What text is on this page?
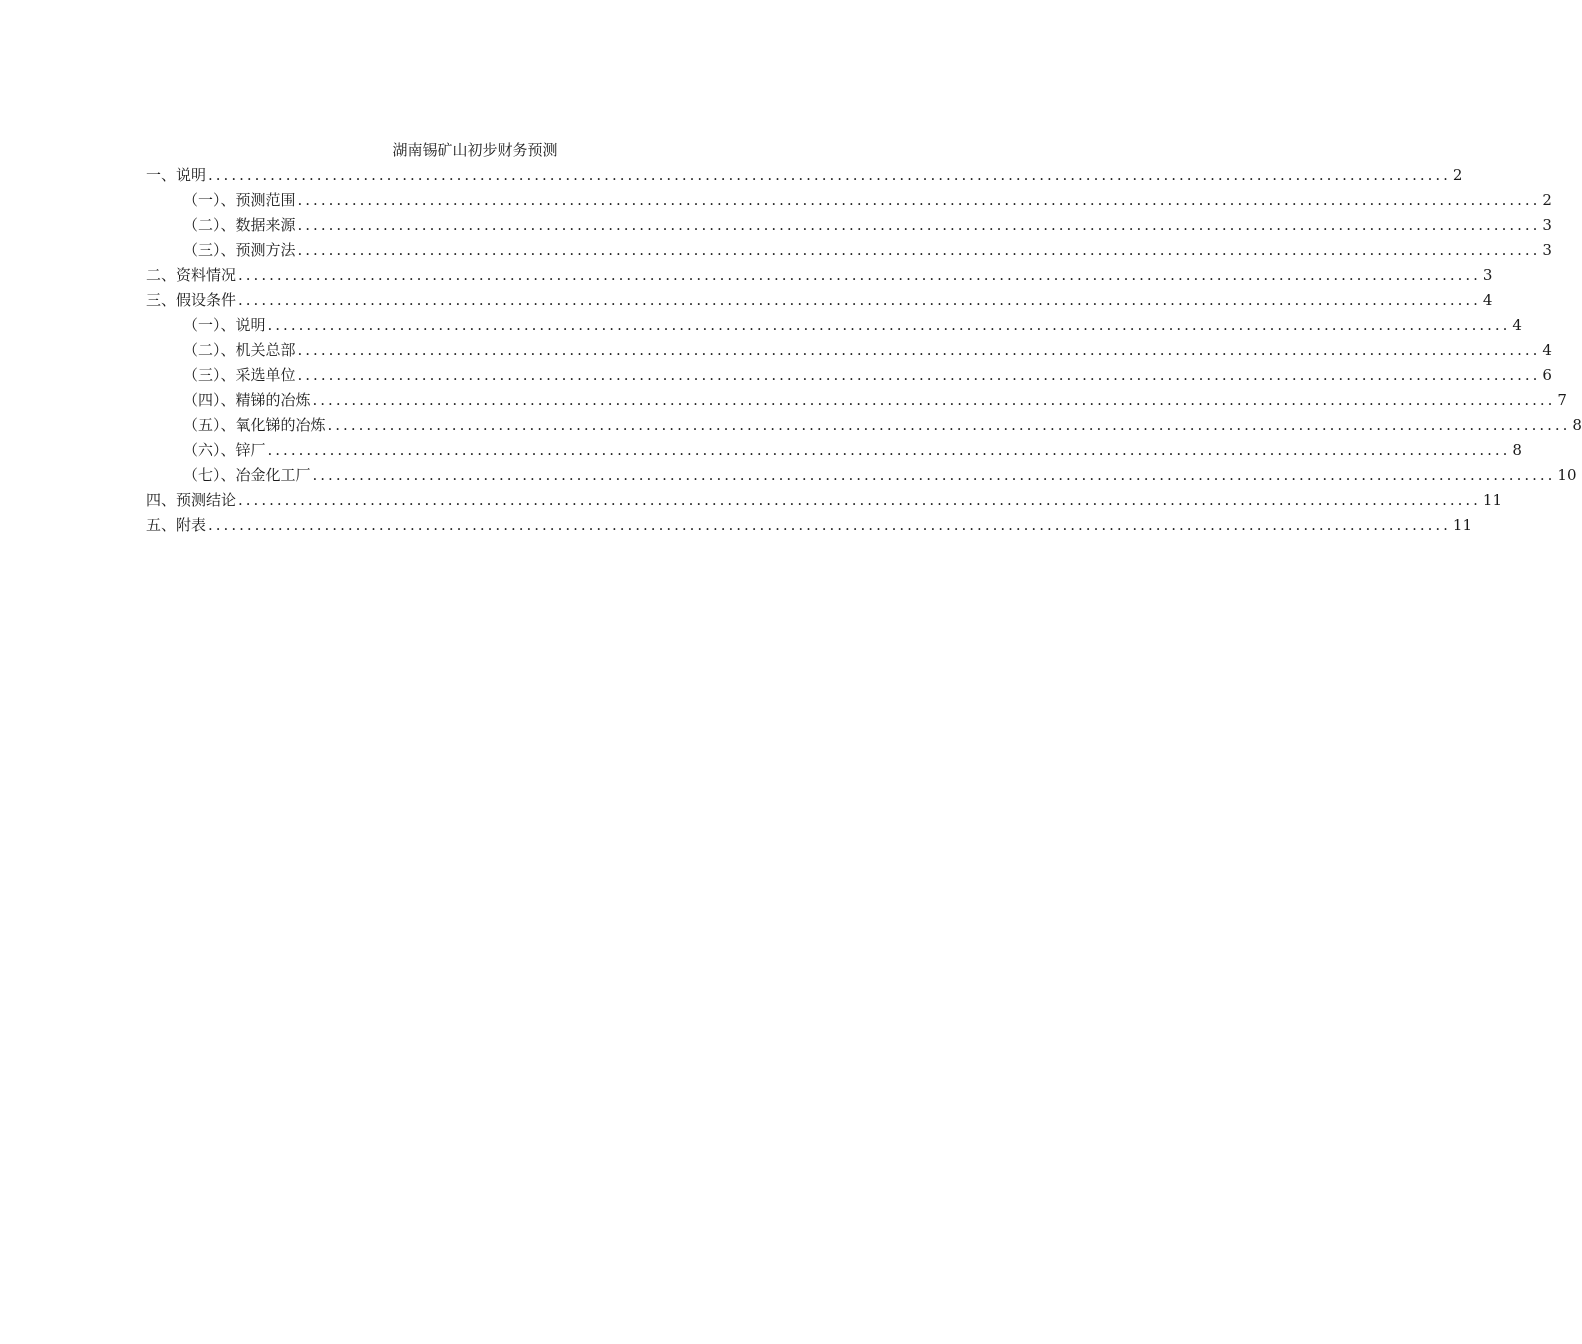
湖南锡矿山初步财务预测
一、说明 ................................................................................................................................................................ 2
（一）、预测范围 ................................................................................................................................................................ 2
（二）、数据来源 ................................................................................................................................................................ 3
（三）、预测方法 ................................................................................................................................................................ 3
二、资料情况 ................................................................................................................................................................ 3
三、假设条件 ................................................................................................................................................................ 4
（一）、说明 ................................................................................................................................................................ 4
（二）、机关总部 ................................................................................................................................................................ 4
（三）、采选单位 ................................................................................................................................................................ 6
（四）、精锑的冶炼 ................................................................................................................................................................ 7
（五）、氧化锑的冶炼 ................................................................................................................................................................ 8
（六）、锌厂 ................................................................................................................................................................ 8
（七）、冶金化工厂 ................................................................................................................................................................ 10
四、预测结论 ................................................................................................................................................................ 11
五、附表 ................................................................................................................................................................ 11
